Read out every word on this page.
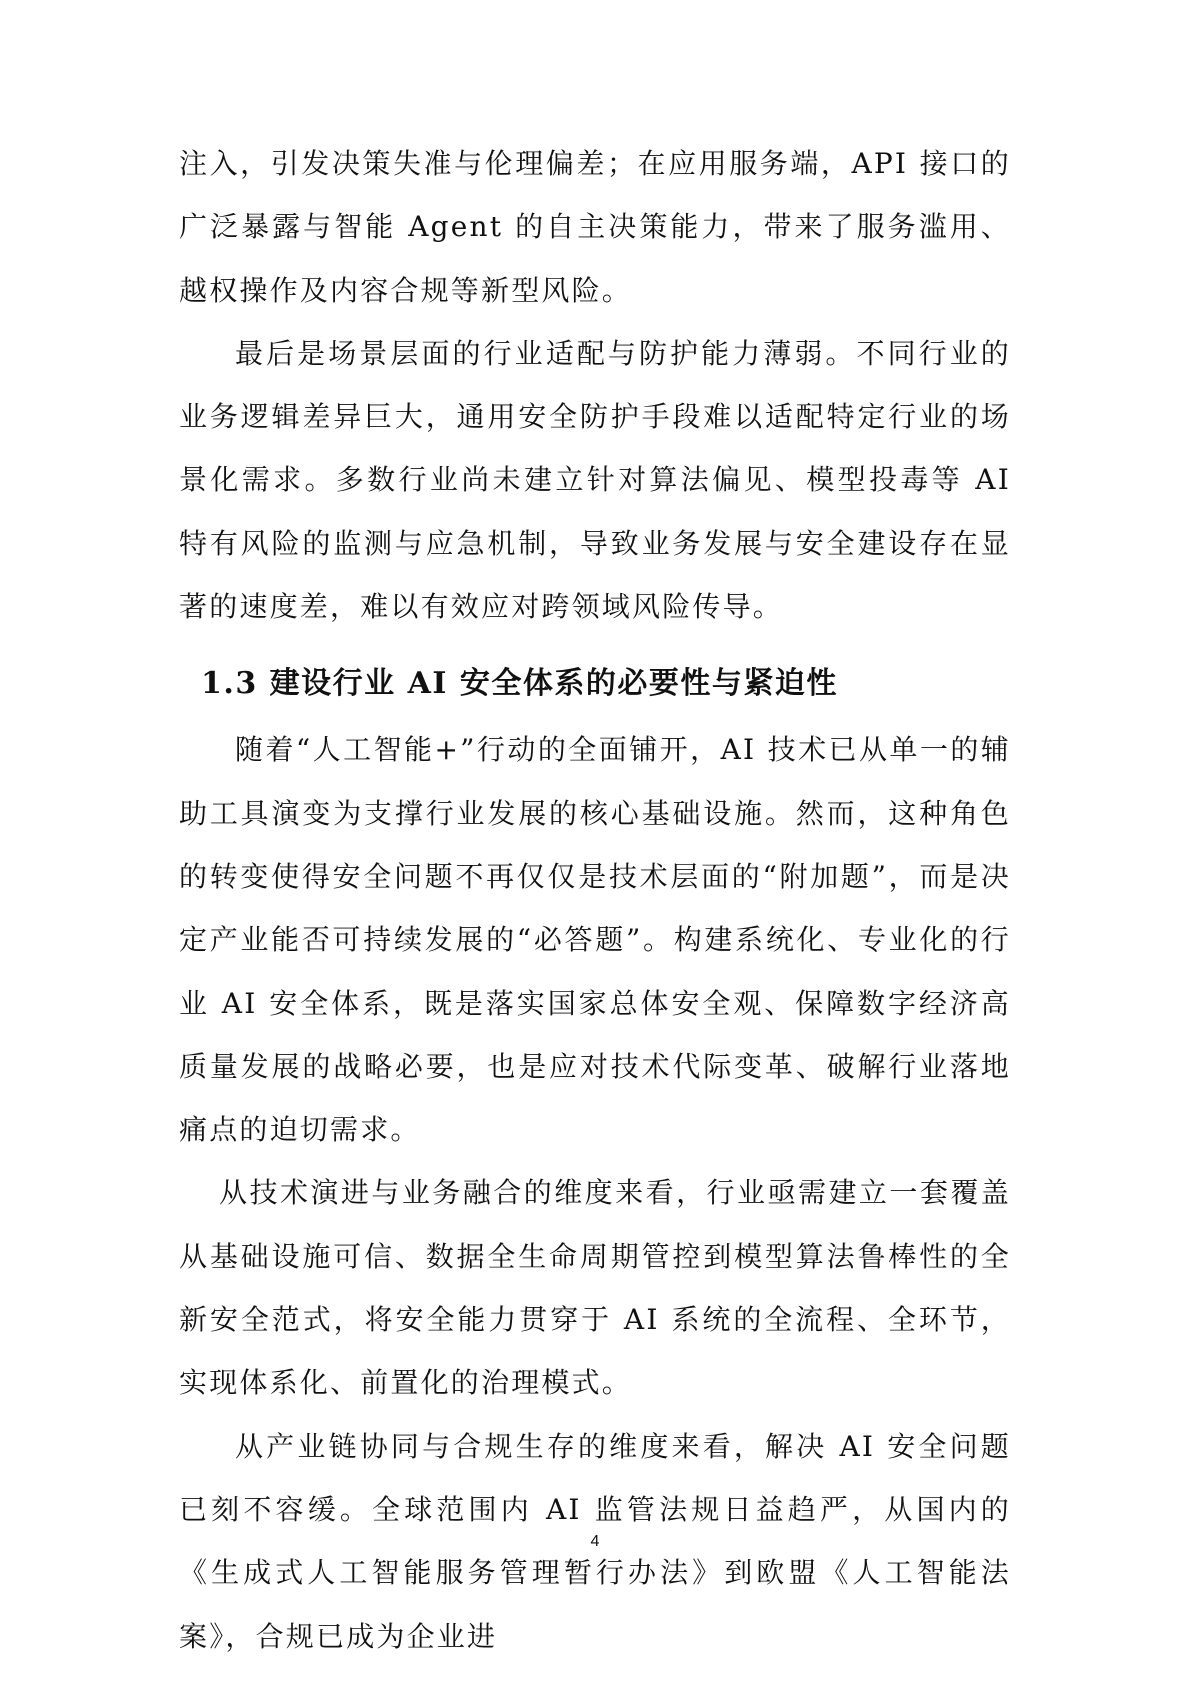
注入，引发决策失准与伦理偏差；在应用服务端，API 接口的广泛暴露与智能 Agent 的自主决策能力，带来了服务滥用、越权操作及内容合规等新型风险。

最后是场景层面的行业适配与防护能力薄弱。不同行业的业务逻辑差异巨大，通用安全防护手段难以适配特定行业的场景化需求。多数行业尚未建立针对算法偏见、模型投毒等 AI 特有风险的监测与应急机制，导致业务发展与安全建设存在显著的速度差，难以有效应对跨领域风险传导。

1.3 建设行业 AI 安全体系的必要性与紧迫性

随着“人工智能+”行动的全面铺开，AI 技术已从单一的辅助工具演变为支撑行业发展的核心基础设施。然而，这种角色的转变使得安全问题不再仅仅是技术层面的“附加题”，而是决定产业能否可持续发展的“必答题”。构建系统化、专业化的行业 AI 安全体系，既是落实国家总体安全观、保障数字经济高质量发展的战略必要，也是应对技术代际变革、破解行业落地痛点的迫切需求。

从技术演进与业务融合的维度来看，行业亟需建立一套覆盖从基础设施可信、数据全生命周期管控到模型算法鲁棒性的全新安全范式，将安全能力贯穿于 AI 系统的全流程、全环节，实现体系化、前置化的治理模式。

从产业链协同与合规生存的维度来看，解决 AI 安全问题已刻不容缓。全球范围内 AI 监管法规日益趋严，从国内的《生成式人工智能服务管理暂行办法》到欧盟《人工智能法案》，合规已成为企业进

4
